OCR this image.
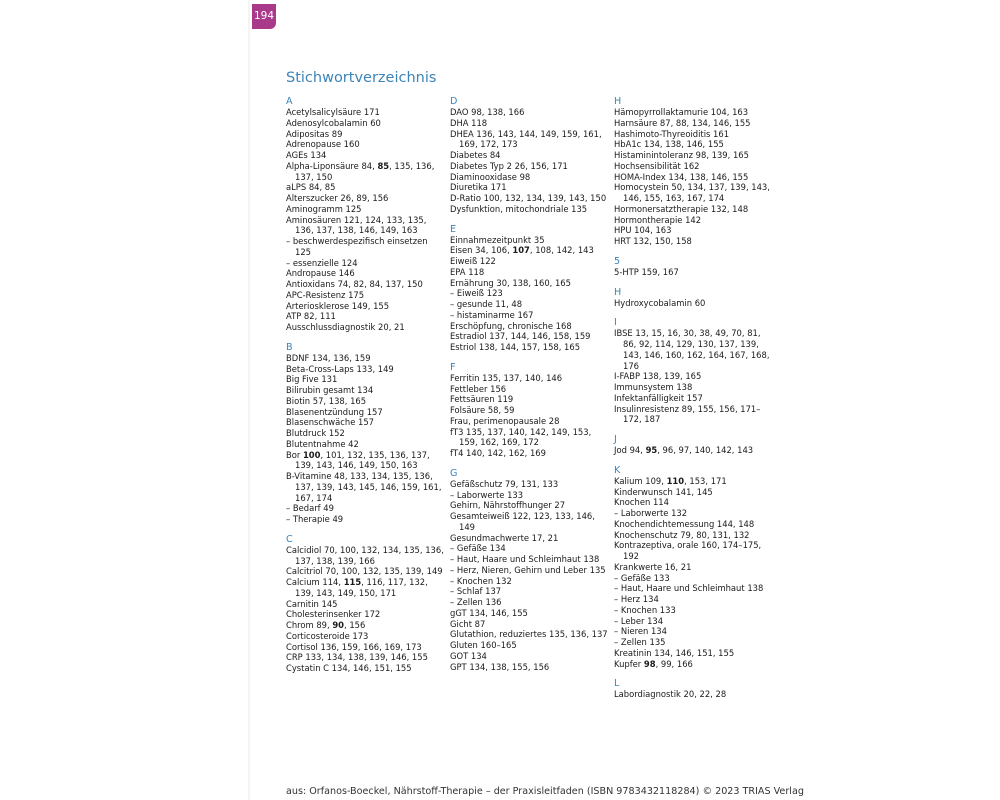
194
Stichwortverzeichnis
A
Acetylsalicylsäure 171
Adenosylcobalamin 60
Adipositas 89
Adrenopause 160
AGEs 134
Alpha-Liponsäure 84, 85, 135, 136, 137, 150
aLPS 84, 85
Alterszucker 26, 89, 156
Aminogramm 125
Aminosäuren 121, 124, 133, 135, 136, 137, 138, 146, 149, 163
– beschwerdespezifisch einsetzen 125
– essenzielle 124
Andropause 146
Antioxidans 74, 82, 84, 137, 150
APC-Resistenz 175
Arteriosklerose 149, 155
ATP 82, 111
Ausschlussdiagnostik 20, 21
B
BDNF 134, 136, 159
Beta-Cross-Laps 133, 149
Big Five 131
Bilirubin gesamt 134
Biotin 57, 138, 165
Blasenentzündung 157
Blasenschwäche 157
Blutdruck 152
Blutentnahme 42
Bor 100, 101, 132, 135, 136, 137, 139, 143, 146, 149, 150, 163
B-Vitamine 48, 133, 134, 135, 136, 137, 139, 143, 145, 146, 159, 161, 167, 174
– Bedarf 49
– Therapie 49
C
Calcidiol 70, 100, 132, 134, 135, 136, 137, 138, 139, 166
Calcitriol 70, 100, 132, 135, 139, 149
Calcium 114, 115, 116, 117, 132, 139, 143, 149, 150, 171
Carnitin 145
Cholesterinsenker 172
Chrom 89, 90, 156
Corticosteroide 173
Cortisol 136, 159, 166, 169, 173
CRP 133, 134, 138, 139, 146, 155
Cystatin C 134, 146, 151, 155
D
DAO 98, 138, 166
DHA 118
DHEA 136, 143, 144, 149, 159, 161, 169, 172, 173
Diabetes 84
Diabetes Typ 2 26, 156, 171
Diaminooxidase 98
Diuretika 171
D-Ratio 100, 132, 134, 139, 143, 150
Dysfunktion, mitochondriale 135
E
Einnahmezeitpunkt 35
Eisen 34, 106, 107, 108, 142, 143
Eiweiß 122
EPA 118
Ernährung 30, 138, 160, 165
– Eiweiß 123
– gesunde 11, 48
– histaminarme 167
Erschöpfung, chronische 168
Estradiol 137, 144, 146, 158, 159
Estriol 138, 144, 157, 158, 165
F
Ferritin 135, 137, 140, 146
Fettleber 156
Fettsäuren 119
Folsäure 58, 59
Frau, perimenopausale 28
fT3 135, 137, 140, 142, 149, 153, 159, 162, 169, 172
fT4 140, 142, 162, 169
G
Gefäßschutz 79, 131, 133
– Laborwerte 133
Gehirn, Nährstoffhunger 27
Gesamteiweiß 122, 123, 133, 146, 149
Gesundmachwerte 17, 21
– Gefäße 134
– Haut, Haare und Schleimhaut 138
– Herz, Nieren, Gehirn und Leber 135
– Knochen 132
– Schlaf 137
– Zellen 136
gGT 134, 146, 155
Gicht 87
Glutathion, reduziertes 135, 136, 137
Gluten 160–165
GOT 134
GPT 134, 138, 155, 156
H
Hämopyrrollaktamurie 104, 163
Harnsäure 87, 88, 134, 146, 155
Hashimoto-Thyreoiditis 161
HbA1c 134, 138, 146, 155
Histaminintoleranz 98, 139, 165
Hochsensibilität 162
HOMA-Index 134, 138, 146, 155
Homocystein 50, 134, 137, 139, 143, 146, 155, 163, 167, 174
Hormonersatztherapie 132, 148
Hormontherapie 142
HPU 104, 163
HRT 132, 150, 158
5
5-HTP 159, 167
H
Hydroxycobalamin 60
I
IBSE 13, 15, 16, 30, 38, 49, 70, 81, 86, 92, 114, 129, 130, 137, 139, 143, 146, 160, 162, 164, 167, 168, 176
I-FABP 138, 139, 165
Immunsystem 138
Infektanfälligkeit 157
Insulinresistenz 89, 155, 156, 171–172, 187
J
Jod 94, 95, 96, 97, 140, 142, 143
K
Kalium 109, 110, 153, 171
Kinderwunsch 141, 145
Knochen 114
– Laborwerte 132
Knochendichtemessung 144, 148
Knochenschutz 79, 80, 131, 132
Kontrazeptiva, orale 160, 174–175, 192
Krankwerte 16, 21
– Gefäße 133
– Haut, Haare und Schleimhaut 138
– Herz 134
– Knochen 133
– Leber 134
– Nieren 134
– Zellen 135
Kreatinin 134, 146, 151, 155
Kupfer 98, 99, 166
L
Labordiagnostik 20, 22, 28
aus: Orfanos-Boeckel, Nährstoff-Therapie – der Praxisleitfaden (ISBN 9783432118284) © 2023 TRIAS Verlag
